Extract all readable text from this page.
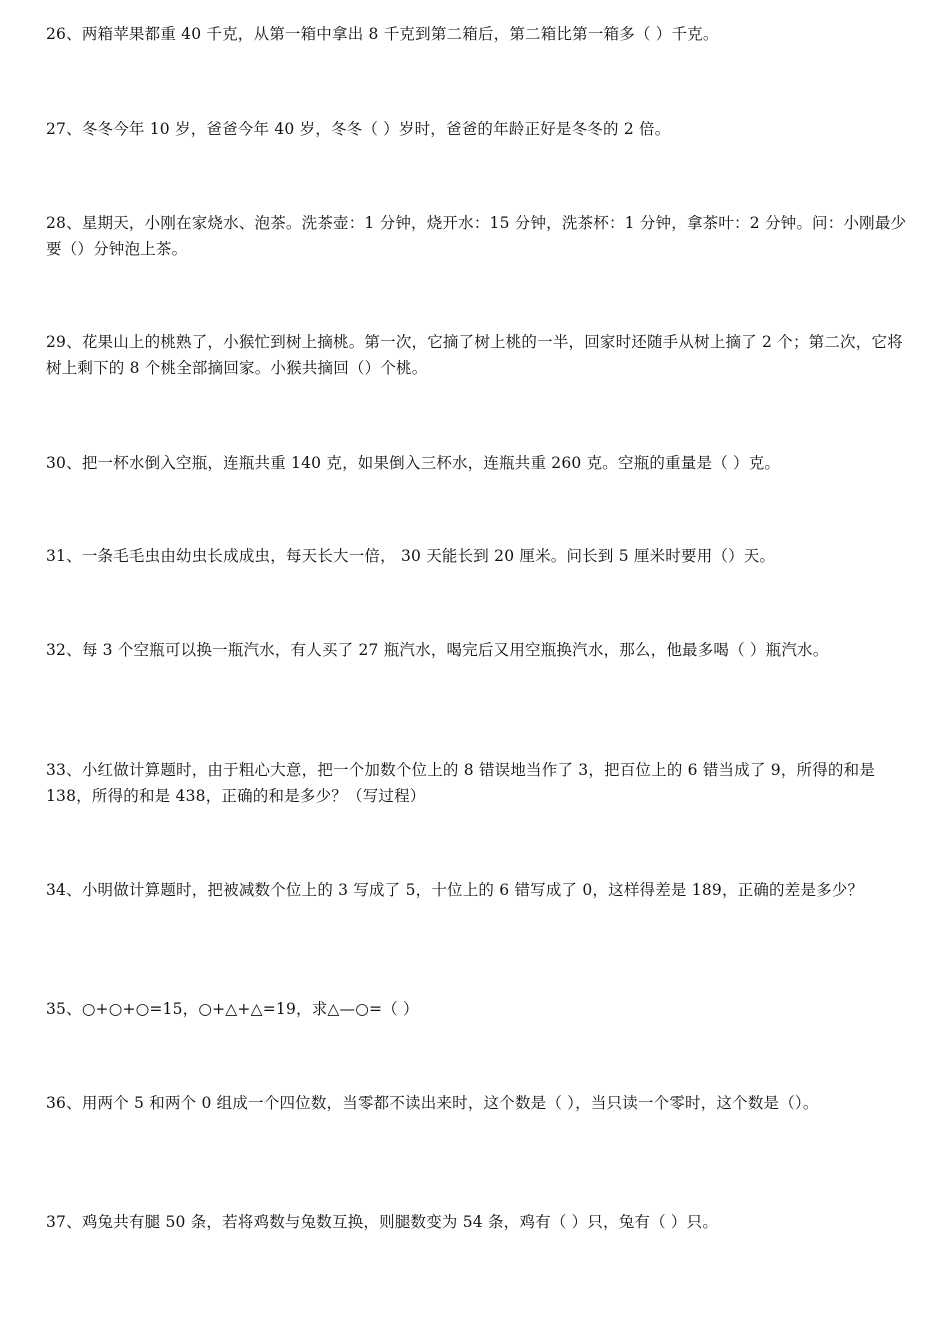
26、两箱苹果都重 40 千克，从第一箱中拿出 8 千克到第二箱后，第二箱比第一箱多（ ）千克。
27、冬冬今年 10 岁，爸爸今年 40 岁，冬冬（ ）岁时，爸爸的年龄正好是冬冬的 2 倍。
28、星期天，小刚在家烧水、泡茶。洗茶壶：1 分钟，烧开水：15 分钟，洗茶杯：1 分钟，拿茶叶：2 分钟。问：小刚最少要（）分钟泡上茶。
29、花果山上的桃熟了，小猴忙到树上摘桃。第一次，它摘了树上桃的一半，回家时还随手从树上摘了 2 个；第二次，它将树上剩下的 8 个桃全部摘回家。小猴共摘回（）个桃。
30、把一杯水倒入空瓶，连瓶共重 140 克，如果倒入三杯水，连瓶共重 260 克。空瓶的重量是（ ）克。
31、一条毛毛虫由幼虫长成成虫，每天长大一倍， 30 天能长到 20 厘米。问长到 5 厘米时要用（）天。
32、每 3 个空瓶可以换一瓶汽水，有人买了 27 瓶汽水，喝完后又用空瓶换汽水，那么，他最多喝（ ）瓶汽水。
33、小红做计算题时，由于粗心大意，把一个加数个位上的 8 错误地当作了 3，把百位上的 6 错当成了 9，所得的和是 138，所得的和是 438，正确的和是多少？（写过程）
34、小明做计算题时，把被减数个位上的 3 写成了 5，十位上的 6 错写成了 0，这样得差是 189，正确的差是多少？
35、○+○+○=15，○+△+△=19，求△—○=（ ）
36、用两个 5 和两个 0 组成一个四位数，当零都不读出来时，这个数是（ ），当只读一个零时，这个数是（）。
37、鸡兔共有腿 50 条，若将鸡数与兔数互换，则腿数变为 54 条，鸡有（ ）只，兔有（ ）只。
